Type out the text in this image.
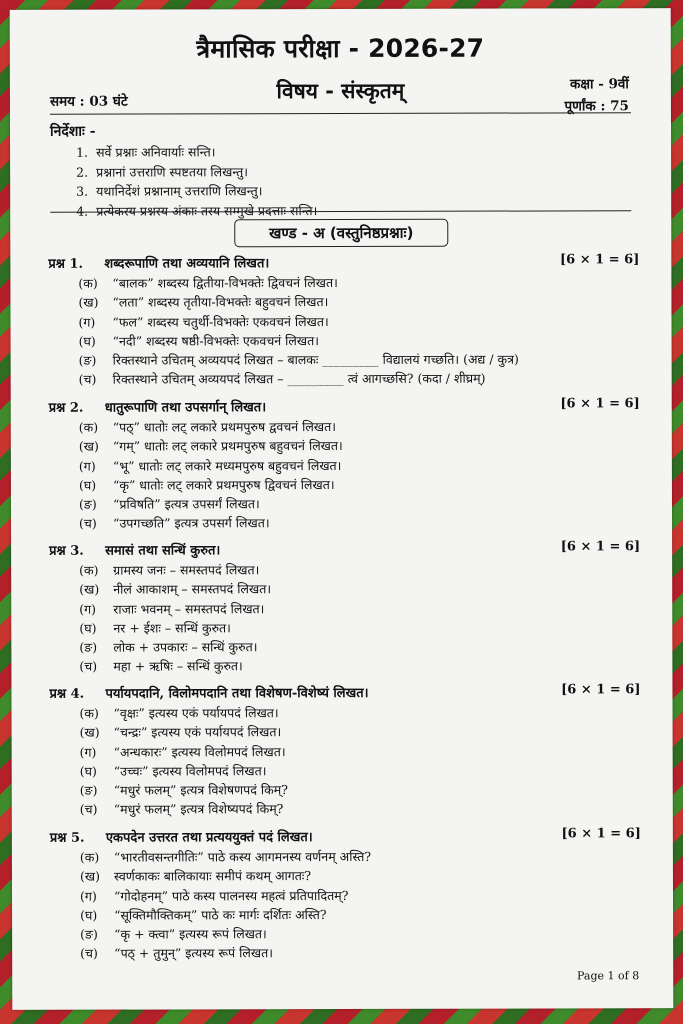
त्रैमासिक परीक्षा - 2026-27
समय : 03 घंटे	विषय - संस्कृतम्	कक्षा - 9वीं
पूर्णांक : 75
निर्देशाः -
1. सर्वे प्रश्नाः अनिवार्याः सन्ति।
2. प्रश्नानां उत्तराणि स्पष्टतया लिखन्तु।
3. यथानिर्देशं प्रश्नानाम् उत्तराणि लिखन्तु।
4. प्रत्येकस्य प्रश्नस्य अंकाः तस्य सम्मुखे प्रदत्ताः सन्ति।
खण्ड - अ (वस्तुनिष्ठप्रश्नाः)
प्रश्न 1. शब्दरूपाणि तथा अव्ययानि लिखत।	[6 × 1 = 6]
(क) “बालक” शब्दस्य द्वितीया-विभक्तेः द्विवचनं लिखत।
(ख) “लता” शब्दस्य तृतीया-विभक्तेः बहुवचनं लिखत।
(ग) “फल” शब्दस्य चतुर्थी-विभक्तेः एकवचनं लिखत।
(घ) “नदी” शब्दस्य षष्ठी-विभक्तेः एकवचनं लिखत।
(ङ) रिक्तस्थाने उचितम् अव्ययपदं लिखत – बालकः _________ विद्यालयं गच्छति। (अद्य / कुत्र)
(च) रिक्तस्थाने उचितम् अव्ययपदं लिखत – _________ त्वं आगच्छसि? (कदा / शीघ्रम्)
प्रश्न 2. धातुरूपाणि तथा उपसर्गान् लिखत।	[6 × 1 = 6]
(क) “पठ्” धातोः लट् लकारे प्रथमपुरुष द्ववचनं लिखत।
(ख) “गम्” धातोः लट् लकारे प्रथमपुरुष बहुवचनं लिखत।
(ग) “भू” धातोः लट् लकारे मध्यमपुरुष बहुवचनं लिखत।
(घ) “कृ” धातोः लट् लकारे प्रथमपुरुष द्विवचनं लिखत।
(ङ) “प्रविषति” इत्यत्र उपसर्गं लिखत।
(च) “उपगच्छति” इत्यत्र उपसर्ग लिखत।
प्रश्न 3. समासं तथा सन्धिं कुरुत।	[6 × 1 = 6]
(क) ग्रामस्य जनः – समस्तपदं लिखत।
(ख) नीलं आकाशम् – समस्तपदं लिखत।
(ग) राजाः भवनम् – समस्तपदं लिखत।
(घ) नर + ईशः – सन्धिं कुरुत।
(ङ) लोक + उपकारः – सन्धिं कुरुत।
(च) महा + ऋषिः – सन्धिं कुरुत।
प्रश्न 4. पर्यायपदानि, विलोमपदानि तथा विशेषण-विशेष्यं लिखत।	[6 × 1 = 6]
(क) “वृक्षः” इत्यस्य एकं पर्यायपदं लिखत।
(ख) “चन्द्रः” इत्यस्य एकं पर्यायपदं लिखत।
(ग) “अन्धकारः” इत्यस्य विलोमपदं लिखत।
(घ) “उच्चः” इत्यस्य विलोमपदं लिखत।
(ङ) “मधुरं फलम्” इत्यत्र विशेषणपदं किम्?
(च) “मधुरं फलम्” इत्यत्र विशेष्यपदं किम्?
प्रश्न 5. एकपदेन उत्तरत तथा प्रत्यययुक्तं पदं लिखत।	[6 × 1 = 6]
(क) “भारतीवसन्तगीतिः” पाठे कस्य आगमनस्य वर्णनम् अस्ति?
(ख) स्वर्णकाकः बालिकायाः समीपं कथम् आगतः?
(ग) “गोदोहनम्” पाठे कस्य पालनस्य महत्वं प्रतिपादितम्?
(घ) “सूक्तिमौक्तिकम्” पाठे कः मार्गः दर्शितः अस्ति?
(ङ) “कृ + क्त्वा” इत्यस्य रूपं लिखत।
(च) “पठ् + तुमुन्” इत्यस्य रूपं लिखत।
Page 1 of 8
